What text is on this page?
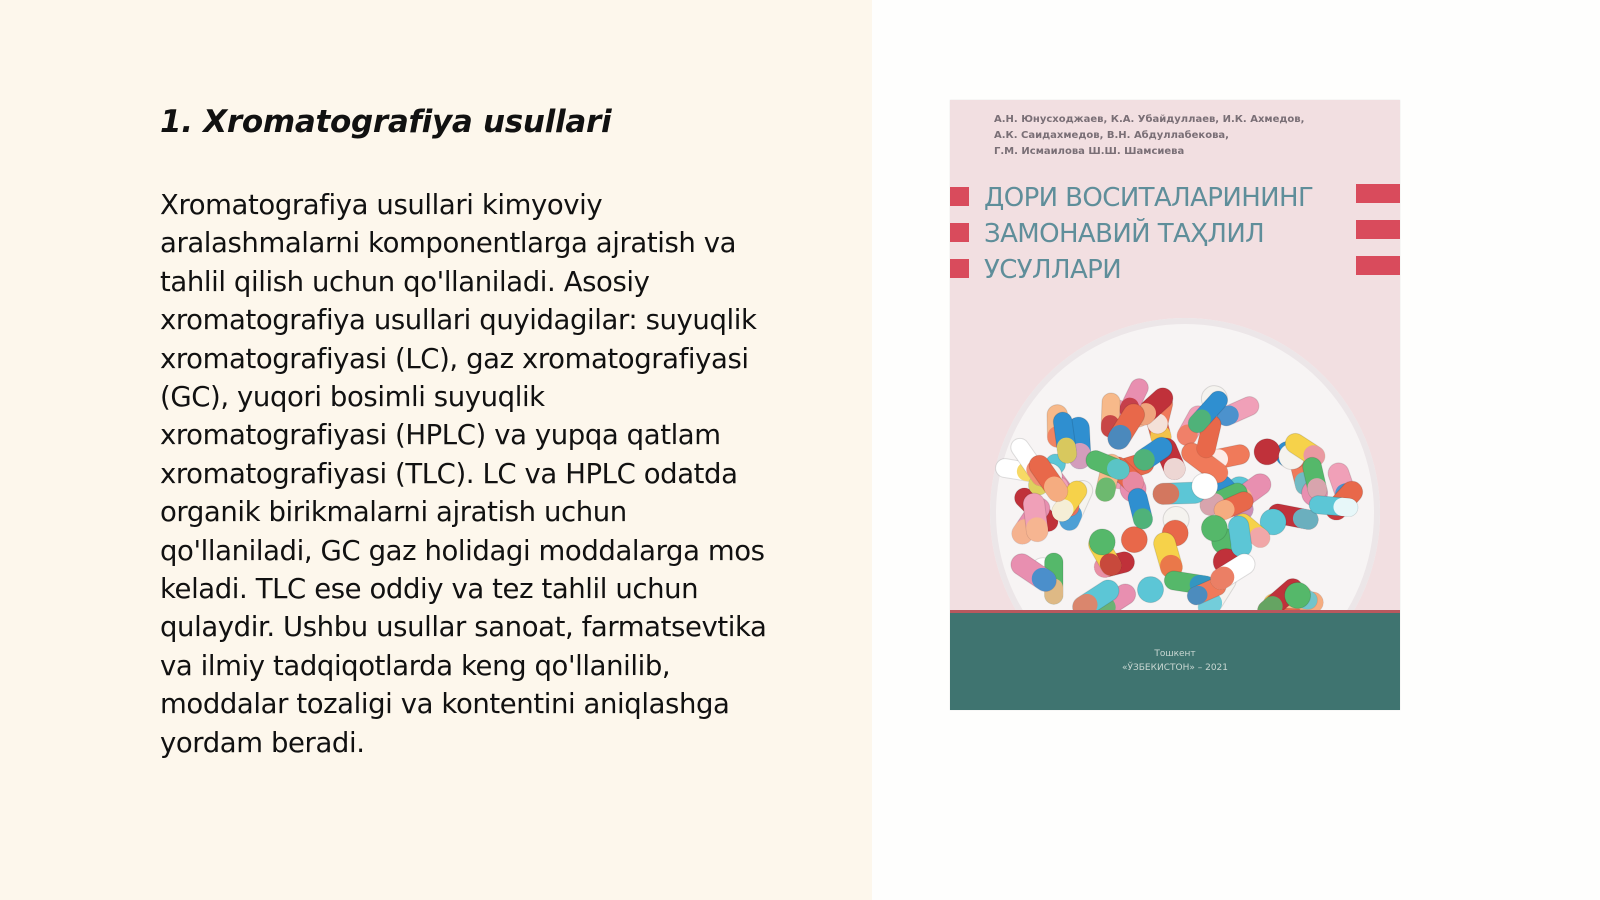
1. Xromatografiya usullari
Xromatografiya usullari kimyoviy
aralashmalarni komponentlarga ajratish va
tahlil qilish uchun qo'llaniladi. Asosiy
xromatografiya usullari quyidagilar: suyuqlik
xromatografiyasi (LC), gaz xromatografiyasi
(GC), yuqori bosimli suyuqlik
xromatografiyasi (HPLC) va yupqa qatlam
xromatografiyasi (TLC). LC va HPLC odatda
organik birikmalarni ajratish uchun
qo'llaniladi, GC gaz holidagi moddalarga mos
keladi. TLC ese oddiy va tez tahlil uchun
qulaydir. Ushbu usullar sanoat, farmatsevtika
va ilmiy tadqiqotlarda keng qo'llanilib,
moddalar tozaligi va kontentini aniqlashga
yordam beradi.
А.Н. Юнусходжаев, К.А. Убайдуллаев, И.К. Ахмедов,
А.К. Саидахмедов, В.Н. Абдуллабекова,
Г.М. Исмаилова Ш.Ш. Шамсиева
ДОРИ ВОСИТАЛАРИНИНГ
ЗАМОНАВИЙ ТАҲЛИЛ
УСУЛЛАРИ
Тошкент
«ЎЗБЕКИСТОН» – 2021
